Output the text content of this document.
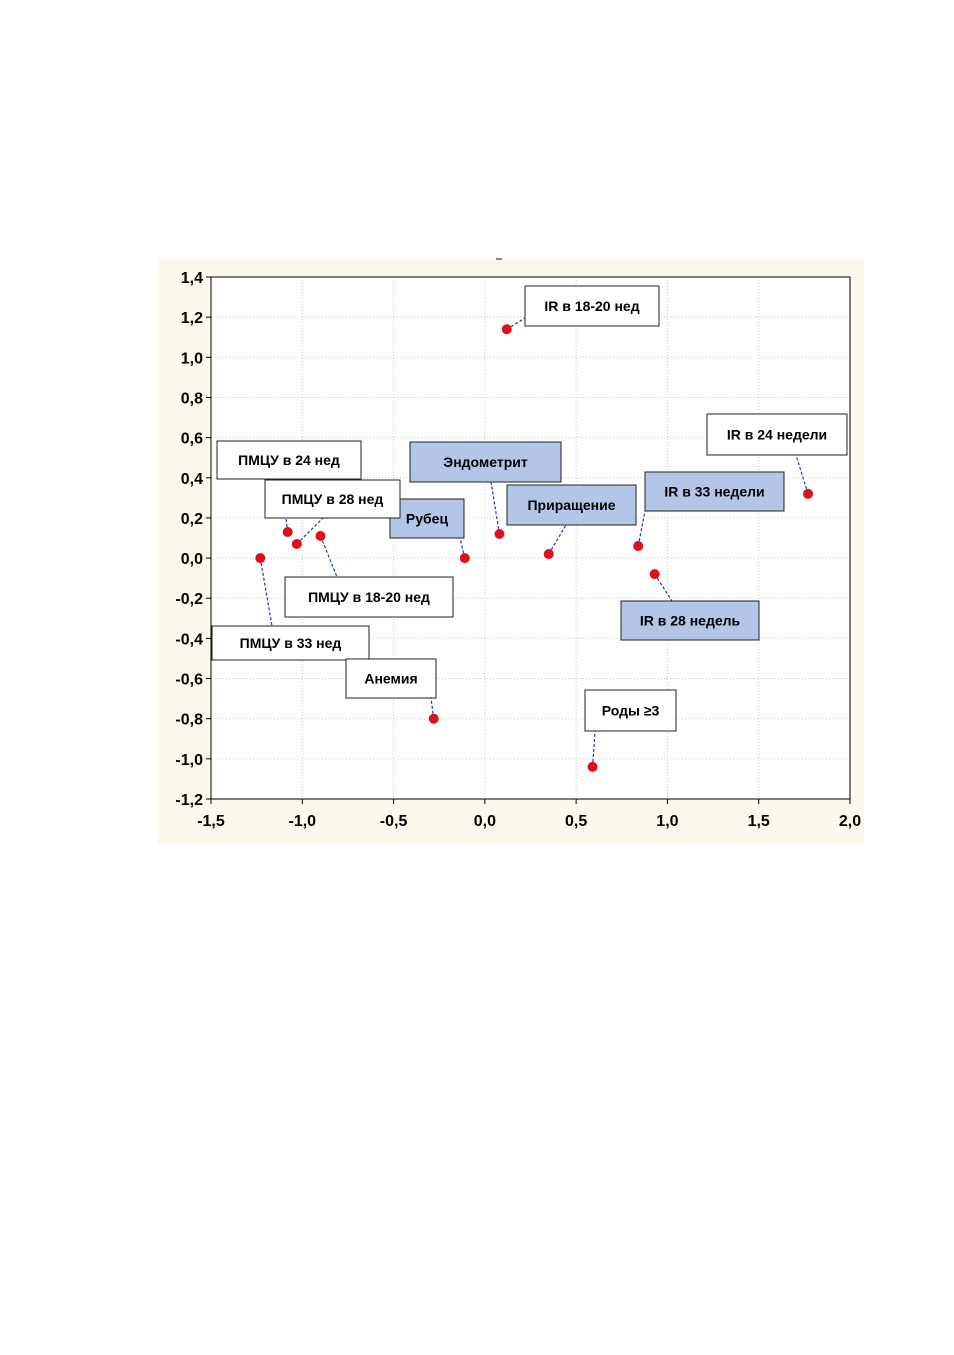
-1,5	-1,0	-0,5	0,0	0,5	1,0	1,5	2,0
1,4
1,2
1,0
0,8
0,6
0,4
0,2
0,0
-0,2
-0,4
-0,6
-0,8
-1,0
-1,2
IR в 18-20 нед
IR в 24 недели
Эндометрит
Приращение
IR в 33 недели
Рубец
IR в 28 недель
ПМЦУ в 24 нед
ПМЦУ в 28 нед
ПМЦУ в 18-20 нед
ПМЦУ в 33 нед
Анемия
Роды ≥3
